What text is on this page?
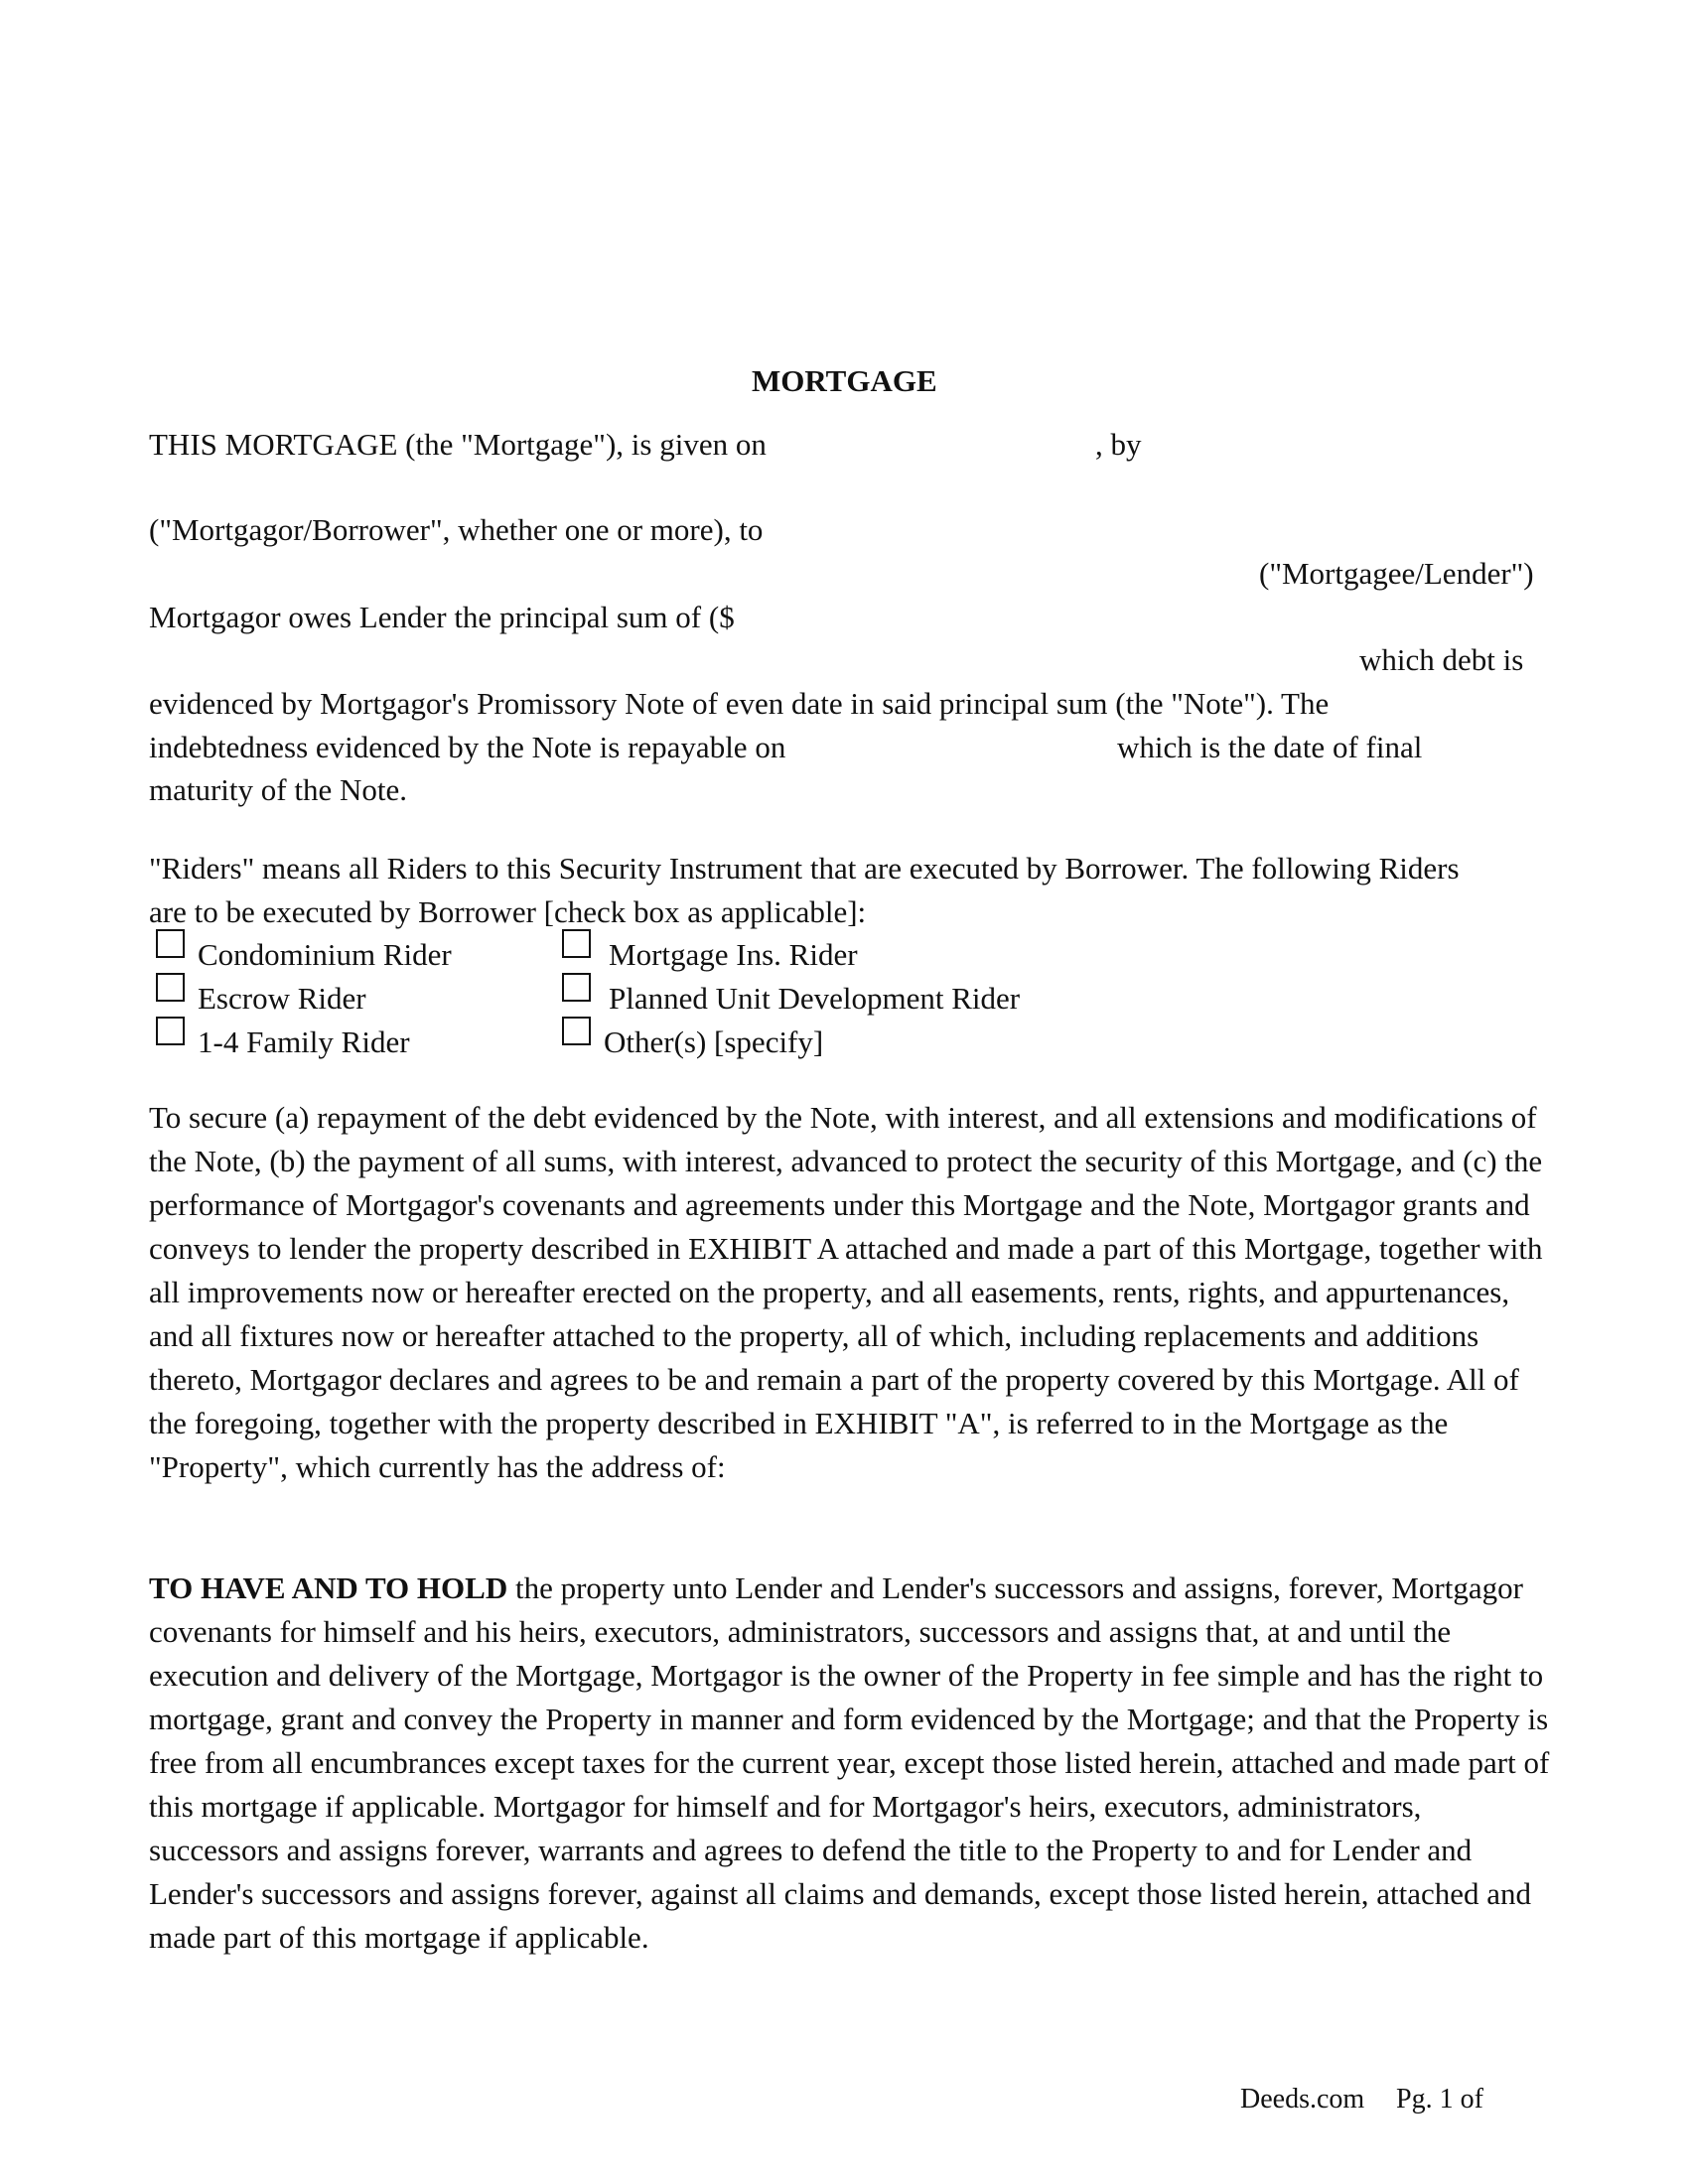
MORTGAGE
THIS MORTGAGE (the "Mortgage"), is given on	, by
("Mortgagor/Borrower", whether one or more), to
("Mortgagee/Lender")
Mortgagor owes Lender the principal sum of ($
which debt is
evidenced by Mortgagor's Promissory Note of even date in said principal sum (the "Note"). The
indebtedness evidenced by the Note is repayable on	which is the date of final
maturity of the Note.
"Riders" means all Riders to this Security Instrument that are executed by Borrower. The following Riders
are to be executed by Borrower [check box as applicable]:
Condominium Rider	Mortgage Ins. Rider
Escrow Rider	Planned Unit Development Rider
1-4 Family Rider	Other(s) [specify]
To secure (a) repayment of the debt evidenced by the Note, with interest, and all extensions and modifications of the Note, (b) the payment of all sums, with interest, advanced to protect the security of this Mortgage, and (c) the performance of Mortgagor's covenants and agreements under this Mortgage and the Note, Mortgagor grants and conveys to lender the property described in EXHIBIT A attached and made a part of this Mortgage, together with all improvements now or hereafter erected on the property, and all easements, rents, rights, and appurtenances, and all fixtures now or hereafter attached to the property, all of which, including replacements and additions thereto, Mortgagor declares and agrees to be and remain a part of the property covered by this Mortgage. All of the foregoing, together with the property described in EXHIBIT "A", is referred to in the Mortgage as the "Property", which currently has the address of:
TO HAVE AND TO HOLD the property unto Lender and Lender's successors and assigns, forever, Mortgagor covenants for himself and his heirs, executors, administrators, successors and assigns that, at and until the execution and delivery of the Mortgage, Mortgagor is the owner of the Property in fee simple and has the right to mortgage, grant and convey the Property in manner and form evidenced by the Mortgage; and that the Property is free from all encumbrances except taxes for the current year, except those listed herein, attached and made part of this mortgage if applicable. Mortgagor for himself and for Mortgagor's heirs, executors, administrators, successors and assigns forever, warrants and agrees to defend the title to the Property to and for Lender and Lender's successors and assigns forever, against all claims and demands, except those listed herein, attached and made part of this mortgage if applicable.
Deeds.com Pg. 1 of
